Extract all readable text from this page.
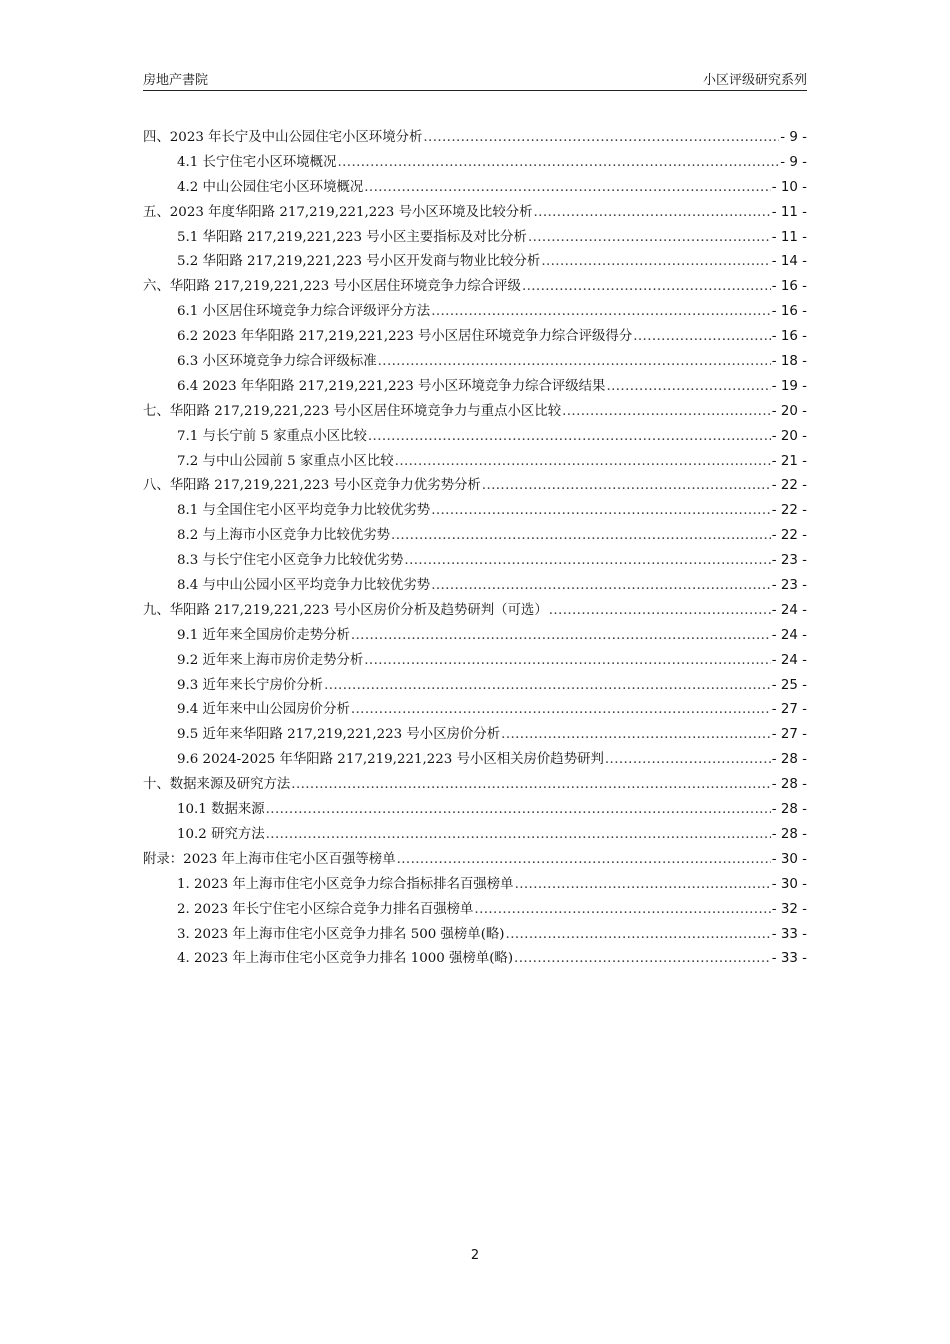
房地产書院	小区评级研究系列
四、2023 年长宁及中山公园住宅小区环境分析 .....	- 9 -
4.1 长宁住宅小区环境概况 .....	- 9 -
4.2 中山公园住宅小区环境概况 .....	- 10 -
五、2023 年度华阳路 217,219,221,223 号小区环境及比较分析 .....	- 11 -
5.1 华阳路 217,219,221,223 号小区主要指标及对比分析 .....	- 11 -
5.2 华阳路 217,219,221,223 号小区开发商与物业比较分析 .....	- 14 -
六、华阳路 217,219,221,223 号小区居住环境竞争力综合评级 .....	- 16 -
6.1 小区居住环境竞争力综合评级评分方法 .....	- 16 -
6.2 2023 年华阳路 217,219,221,223 号小区居住环境竞争力综合评级得分 .....	- 16 -
6.3 小区环境竞争力综合评级标准 .....	- 18 -
6.4 2023 年华阳路 217,219,221,223 号小区环境竞争力综合评级结果 .....	- 19 -
七、华阳路 217,219,221,223 号小区居住环境竞争力与重点小区比较 .....	- 20 -
7.1 与长宁前 5 家重点小区比较 .....	- 20 -
7.2 与中山公园前 5 家重点小区比较 .....	- 21 -
八、华阳路 217,219,221,223 号小区竞争力优劣势分析 .....	- 22 -
8.1 与全国住宅小区平均竞争力比较优劣势 .....	- 22 -
8.2 与上海市小区竞争力比较优劣势 .....	- 22 -
8.3 与长宁住宅小区竞争力比较优劣势 .....	- 23 -
8.4 与中山公园小区平均竞争力比较优劣势 .....	- 23 -
九、华阳路 217,219,221,223 号小区房价分析及趋势研判（可选） .....	- 24 -
9.1 近年来全国房价走势分析 .....	- 24 -
9.2 近年来上海市房价走势分析 .....	- 24 -
9.3 近年来长宁房价分析 .....	- 25 -
9.4 近年来中山公园房价分析 .....	- 27 -
9.5 近年来华阳路 217,219,221,223 号小区房价分析 .....	- 27 -
9.6 2024-2025 年华阳路 217,219,221,223 号小区相关房价趋势研判 .....	- 28 -
十、数据来源及研究方法 .....	- 28 -
10.1 数据来源 .....	- 28 -
10.2 研究方法 .....	- 28 -
附录：2023 年上海市住宅小区百强等榜单 .....	- 30 -
1. 2023 年上海市住宅小区竞争力综合指标排名百强榜单 .....	- 30 -
2. 2023 年长宁住宅小区综合竞争力排名百强榜单 .....	- 32 -
3. 2023 年上海市住宅小区竞争力排名 500 强榜单(略) .....	- 33 -
4. 2023 年上海市住宅小区竞争力排名 1000 强榜单(略) .....	- 33 -
2
